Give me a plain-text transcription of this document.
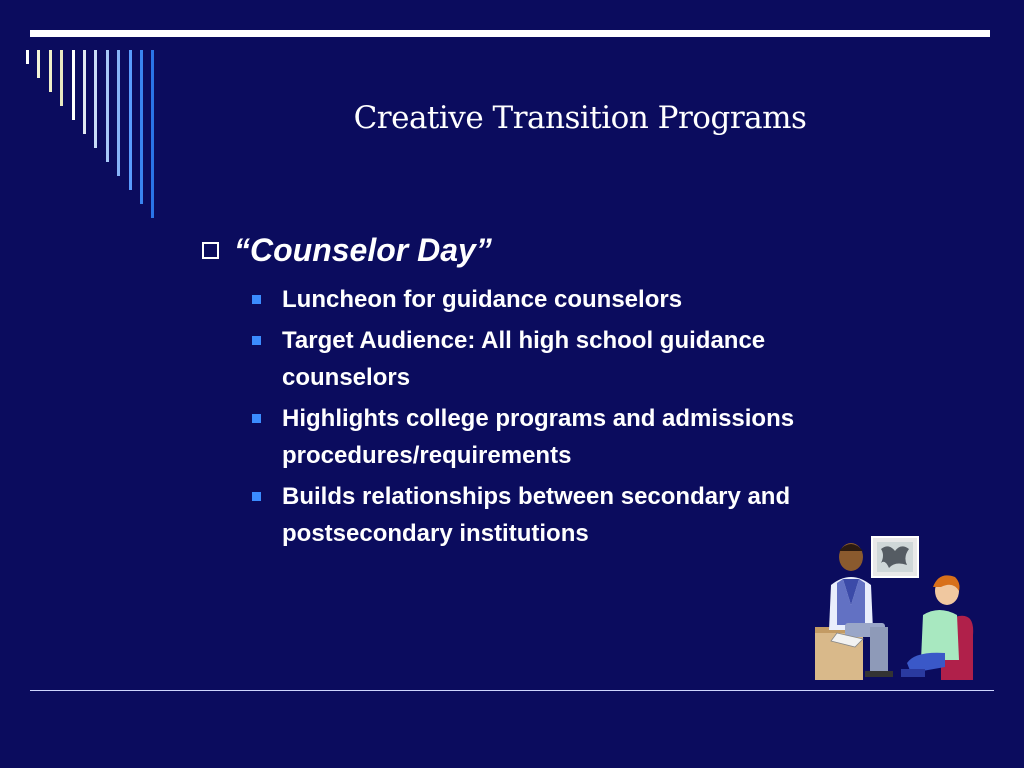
Creative Transition Programs
“Counselor Day”
Luncheon for guidance counselors
Target Audience: All high school guidance counselors
Highlights college programs and admissions procedures/requirements
Builds relationships between secondary and postsecondary institutions
